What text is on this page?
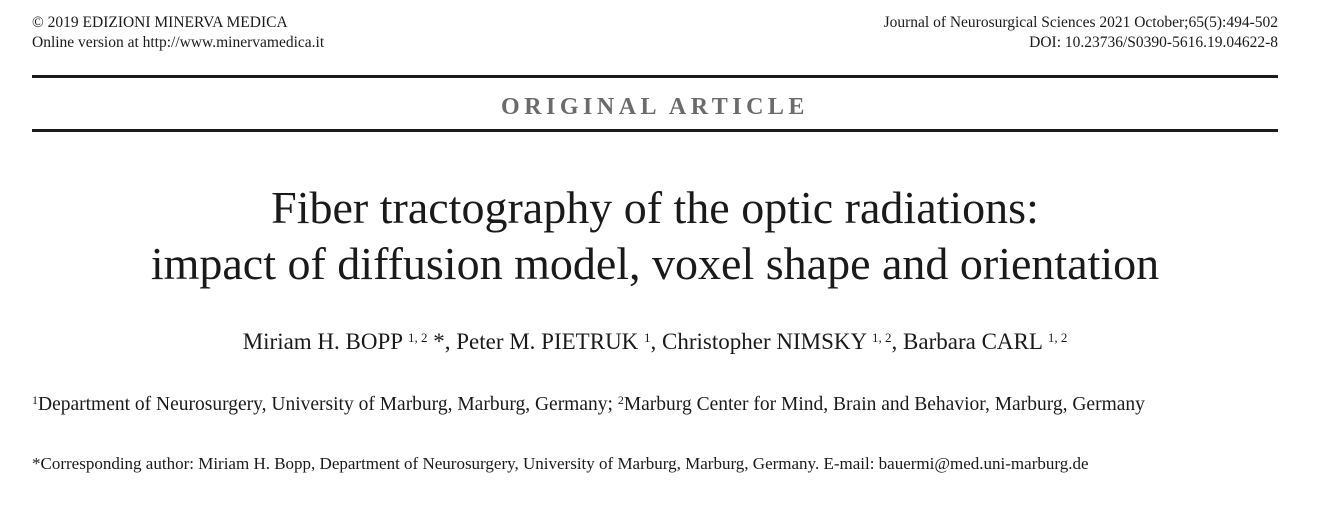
© 2019 EDIZIONI MINERVA MEDICA
Online version at http://www.minervamedica.it
Journal of Neurosurgical Sciences 2021 October;65(5):494-502
DOI: 10.23736/S0390-5616.19.04622-8
ORIGINAL ARTICLE
Fiber tractography of the optic radiations:
impact of diffusion model, voxel shape and orientation
Miriam H. BOPP $^{1, 2}$ *, Peter M. PIETRUK $^1$, Christopher NIMSKY $^{1, 2}$, Barbara CARL $^{1, 2}$
$^1$Department of Neurosurgery, University of Marburg, Marburg, Germany; $^2$Marburg Center for Mind, Brain and Behavior, Marburg, Germany
*Corresponding author: Miriam H. Bopp, Department of Neurosurgery, University of Marburg, Marburg, Germany. E-mail: bauermi@med.uni-marburg.de
